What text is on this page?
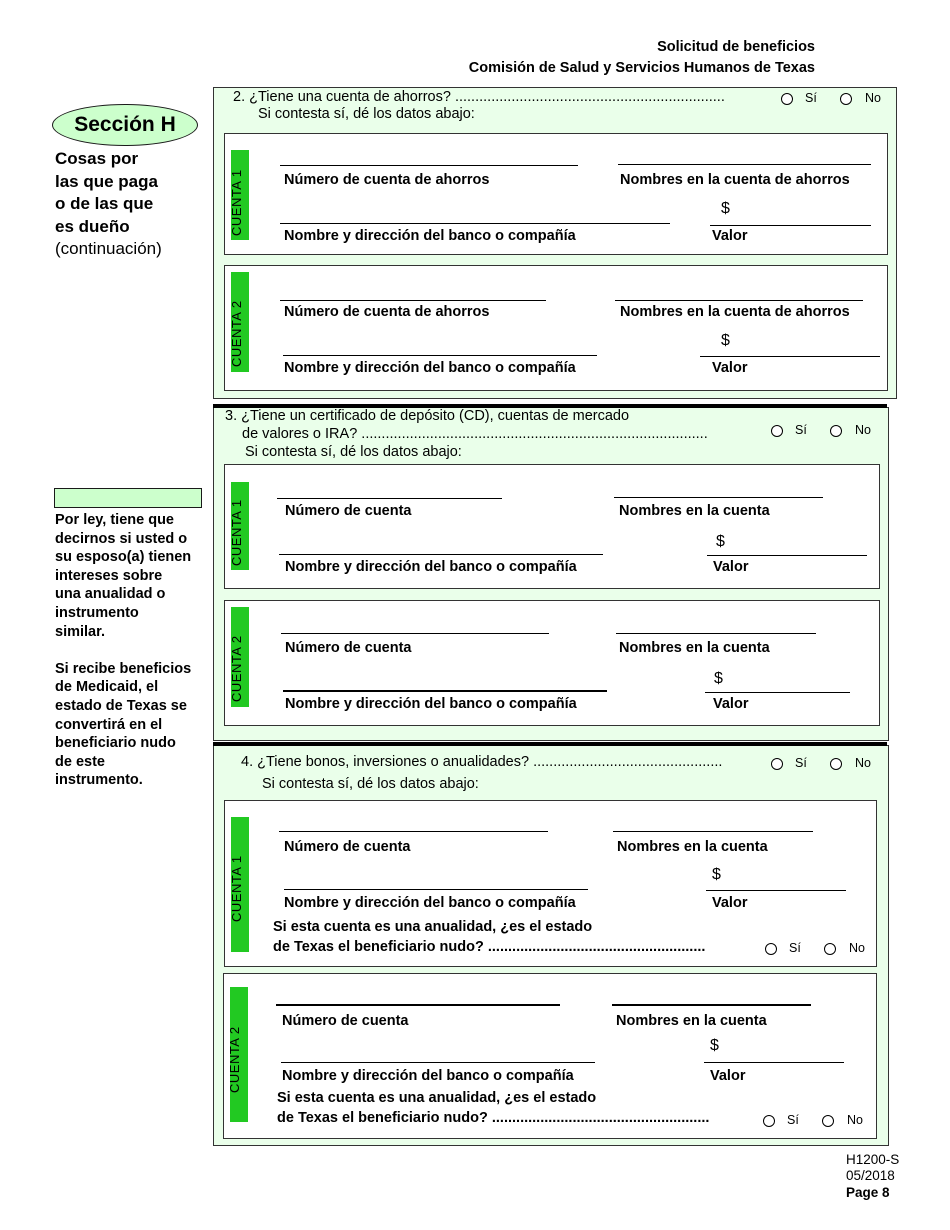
Solicitud de beneficios
Comisión de Salud y Servicios Humanos de Texas
Sección H
Cosas por
las que paga
o de las que
es dueño
(continuación)
Por ley, tiene que
decirnos si usted o
su esposo(a) tienen
intereses sobre
una anualidad o
instrumento
similar.
Si recibe beneficios
de Medicaid, el
estado de Texas se
convertirá en el
beneficiario nudo
de este
instrumento.
2. ¿Tiene una cuenta de ahorros? ...................................................................	Sí	No
Si contesta sí, dé los datos abajo:
CUENTA 1	Número de cuenta de ahorros	Nombres en la cuenta de ahorros
$
Nombre y dirección del banco o compañía	Valor
CUENTA 2	Número de cuenta de ahorros	Nombres en la cuenta de ahorros
$
Nombre y dirección del banco o compañía	Valor
3. ¿Tiene un certificado de depósito (CD), cuentas de mercado
de valores o IRA? ......................................................................................	Sí	No
Si contesta sí, dé los datos abajo:
CUENTA 1	Número de cuenta	Nombres en la cuenta
$
Nombre y dirección del banco o compañía	Valor
CUENTA 2	Número de cuenta	Nombres en la cuenta
$
Nombre y dirección del banco o compañía	Valor
4. ¿Tiene bonos, inversiones o anualidades? ...............................................	Sí	No
Si contesta sí, dé los datos abajo:
CUENTA 1
Número de cuenta	Nombres en la cuenta
$
Nombre y dirección del banco o compañía	Valor
Si esta cuenta es una anualidad, ¿es el estado
de Texas el beneficiario nudo? ......................................................	Sí	No
CUENTA 2
Número de cuenta	Nombres en la cuenta
$
Nombre y dirección del banco o compañía	Valor
Si esta cuenta es una anualidad, ¿es el estado
de Texas el beneficiario nudo? ......................................................	Sí	No
H1200-S
05/2018
Page 8
